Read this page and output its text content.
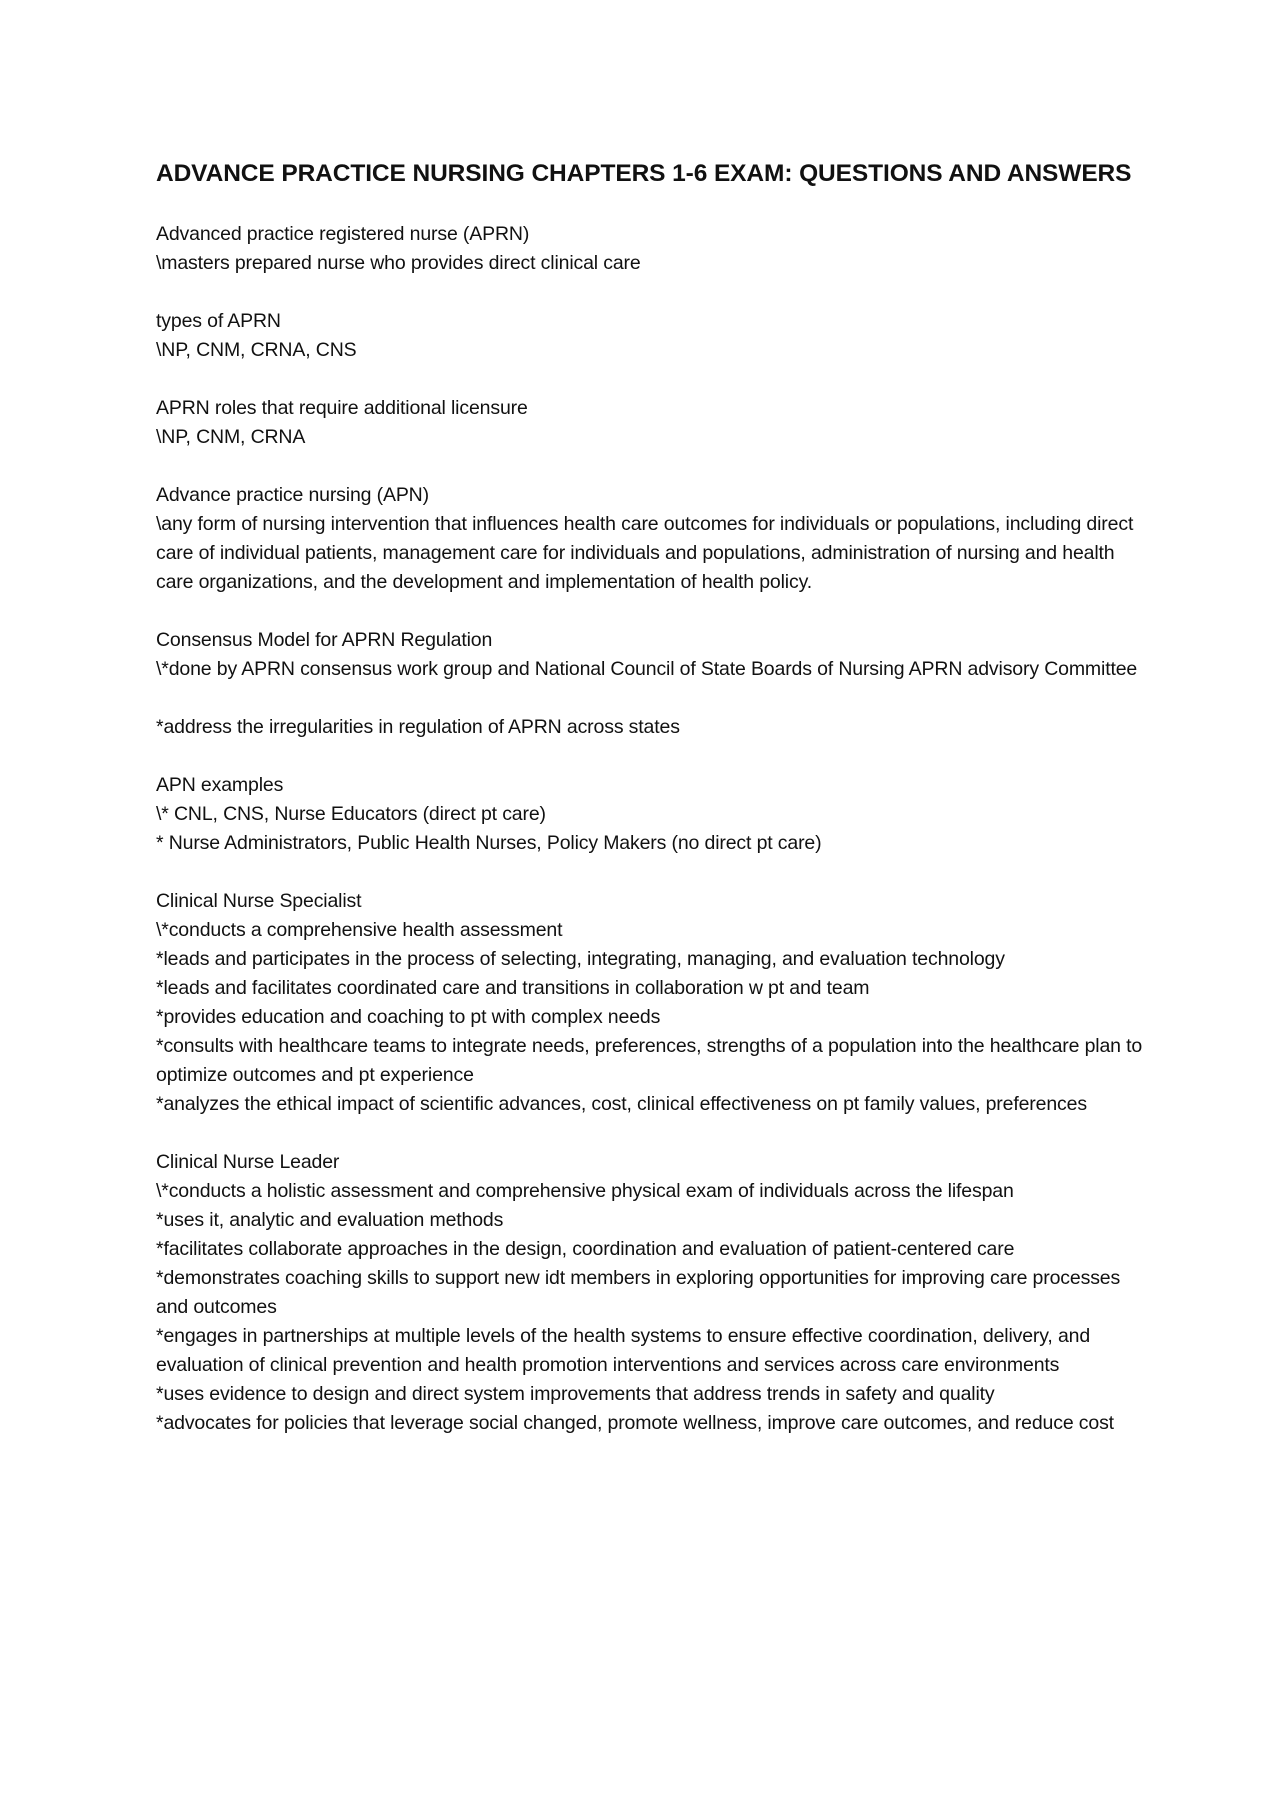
ADVANCE PRACTICE NURSING CHAPTERS 1-6 EXAM: QUESTIONS AND ANSWERS
Advanced practice registered nurse (APRN)
\masters prepared nurse who provides direct clinical care
types of APRN
\NP, CNM, CRNA, CNS
APRN roles that require additional licensure
\NP, CNM, CRNA
Advance practice nursing (APN)
\any form of nursing intervention that influences health care outcomes for individuals or populations, including direct care of individual patients, management care for individuals and populations, administration of nursing and health care organizations, and the development and implementation of health policy.
Consensus Model for APRN Regulation
\*done by APRN consensus work group and National Council of State Boards of Nursing APRN advisory Committee
*address the irregularities in regulation of APRN across states
APN examples
\* CNL, CNS, Nurse Educators (direct pt care)
* Nurse Administrators, Public Health Nurses, Policy Makers (no direct pt care)
Clinical Nurse Specialist
\*conducts a comprehensive health assessment
*leads and participates in the process of selecting, integrating, managing, and evaluation technology
*leads and facilitates coordinated care and transitions in collaboration w pt and team
*provides education and coaching to pt with complex needs
*consults with healthcare teams to integrate needs, preferences, strengths of a population into the healthcare plan to optimize outcomes and pt experience
*analyzes the ethical impact of scientific advances, cost, clinical effectiveness on pt family values, preferences
Clinical Nurse Leader
\*conducts a holistic assessment and comprehensive physical exam of individuals across the lifespan
*uses it, analytic and evaluation methods
*facilitates collaborate approaches in the design, coordination and evaluation of patient-centered care
*demonstrates coaching skills to support new idt members in exploring opportunities for improving care processes and outcomes
*engages in partnerships at multiple levels of the health systems to ensure effective coordination, delivery, and evaluation of clinical prevention and health promotion interventions and services across care environments
*uses evidence to design and direct system improvements that address trends in safety and quality
*advocates for policies that leverage social changed, promote wellness, improve care outcomes, and reduce cost
